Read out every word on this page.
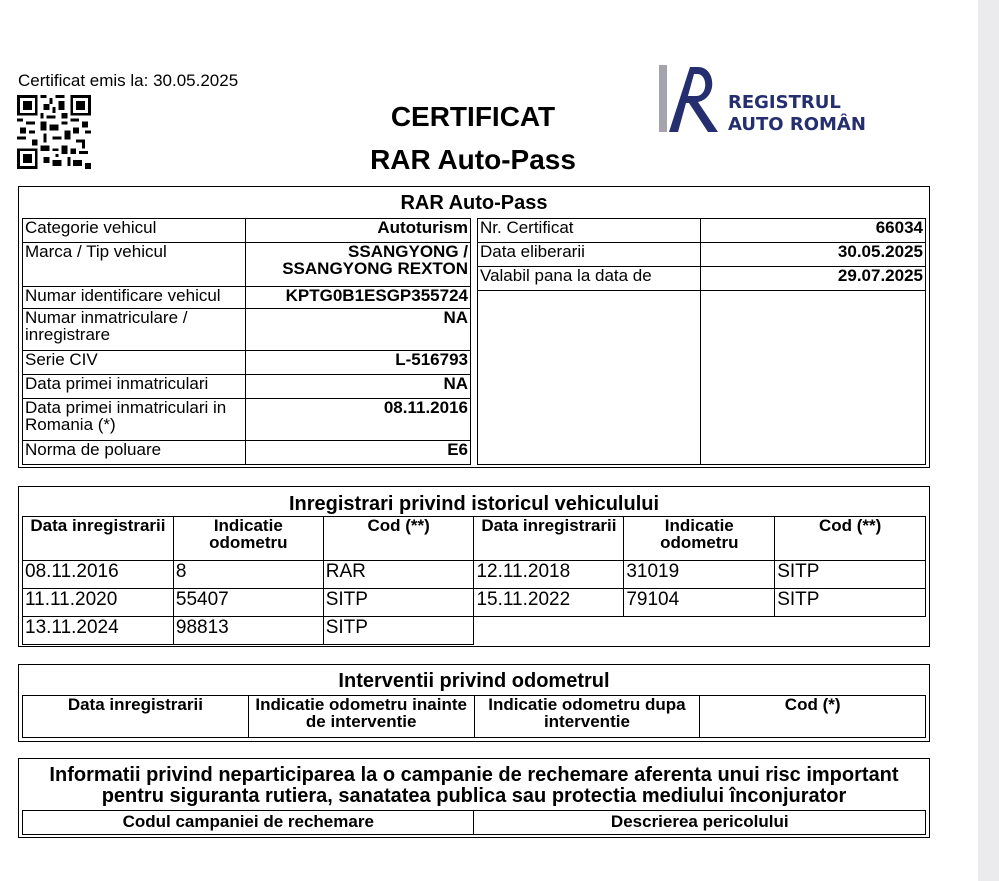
Certificat emis la: 30.05.2025
CERTIFICAT
RAR Auto-Pass
REGISTRUL
AUTO ROMÂN
RAR Auto-Pass
Categorie vehicul	Autoturism
Marca / Tip vehicul	SSANGYONG / SSANGYONG REXTON
Numar identificare vehicul	KPTG0B1ESGP355724
Numar inmatriculare / inregistrare	NA
Serie CIV	L-516793
Data primei inmatriculari	NA
Data primei inmatriculari in Romania (*)	08.11.2016
Norma de poluare	E6
Nr. Certificat	66034
Data eliberarii	30.05.2025
Valabil pana la data de	29.07.2025

Inregistrari privind istoricul vehiculului
Data inregistrarii	Indicatie odometru	Cod (**)	Data inregistrarii	Indicatie odometru	Cod (**)
08.11.2016	8	RAR	12.11.2018	31019	SITP
11.11.2020	55407	SITP	15.11.2022	79104	SITP
13.11.2024	98813	SITP			
Interventii privind odometrul
Data inregistrarii	Indicatie odometru inainte de interventie	Indicatie odometru dupa interventie	Cod (*)
Informatii privind neparticiparea la o campanie de rechemare aferenta unui risc important pentru siguranta rutiera, sanatatea publica sau protectia mediului înconjurator
Codul campaniei de rechemare	Descrierea pericolului
